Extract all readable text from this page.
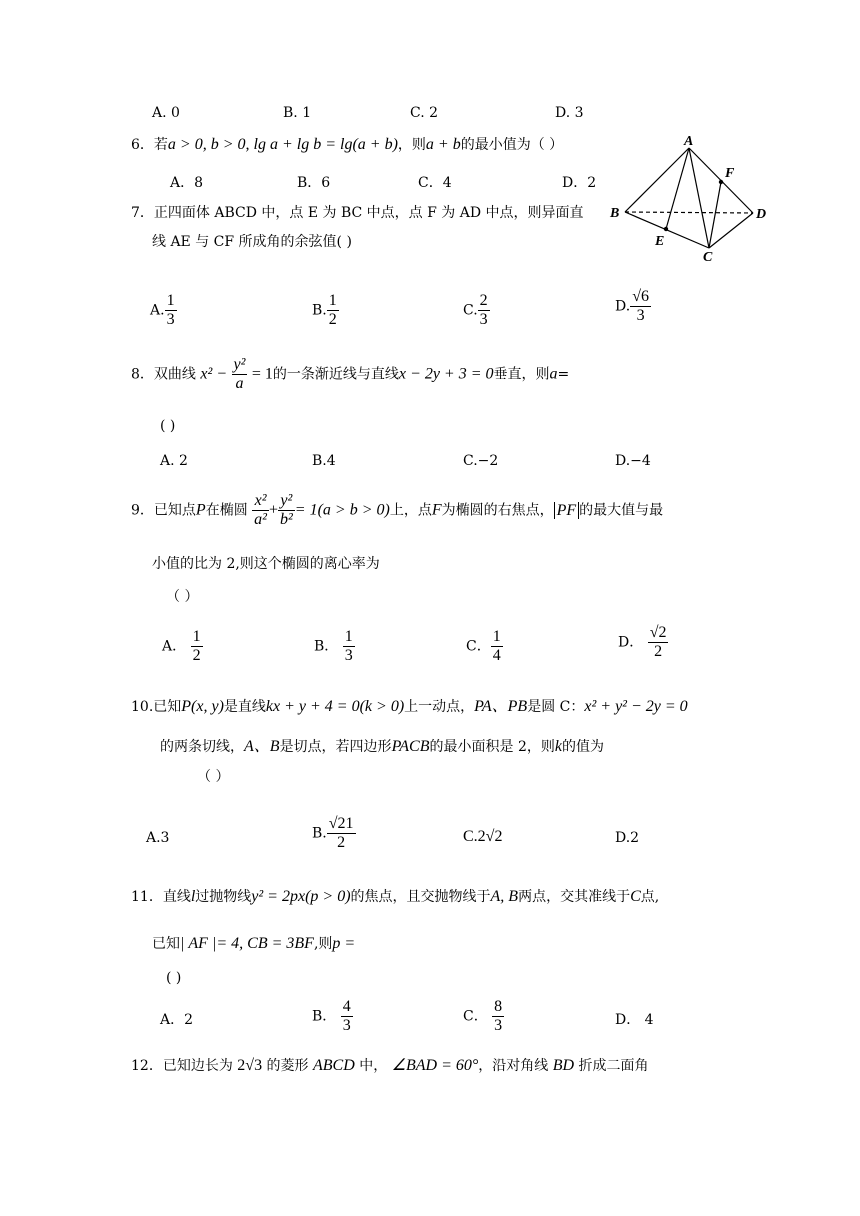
A. 0	B. 1	C. 2	D. 3
6．若a > 0, b > 0, lg a + lg b = lg(a + b)，则a + b的最小值为（ ）
A．8	B．6	C．4	D．2
7．正四面体 ABCD 中，点 E 为 BC 中点，点 F 为 AD 中点，则异面直
线 AE 与 CF 所成角的余弦值( )
A. $\frac{1}{3}$	B. $\frac{1}{2}$	C. $\frac{2}{3}$	D. $\frac{√6}{3}$
A
B
C
D
E
F
8．双曲线 $x^2 - \frac{\text{y²}}{a} = 1$的一条渐近线与直线x − 2y + 3 = 0垂直，则a=
( )
A. 2	B.4	C.−2	D.−4
9．已知点P在椭圆 $\frac{\text{x²}}{\text{a²}} + \frac{\text{y²}}{\text{b²}} = 1(a > b > 0)$上，点F为椭圆的右焦点， PF 的最大值与最
小值的比为 2,则这个椭圆的离心率为
（ ）
A． $\frac{1}{2}$	B． $\frac{1}{3}$	C． $\frac{1}{4}$	D． $\frac{√2}{2}$
10.已知P(x, y)是直线kx + y + 4 = 0(k > 0)上一动点，PA、PB是圆 C：x² + y² − 2y = 0
的两条切线，A、B是切点，若四边形PACB的最小面积是 2，则k的值为
（ ）
A.3	B. $\frac{√21}{2}$	C.2√2	D.2
11．直线l过抛物线y² = 2px(p > 0)的焦点，且交抛物线于A, B两点，交其准线于C点,
已知| AF |= 4, CB = 3BF,则p =
( )
A．2	B． $\frac{4}{3}$	C． $\frac{8}{3}$	D． 4
12．已知边长为 2√3 的菱形 ABCD 中， ∠BAD = 60°，沿对角线 BD 折成二面角
